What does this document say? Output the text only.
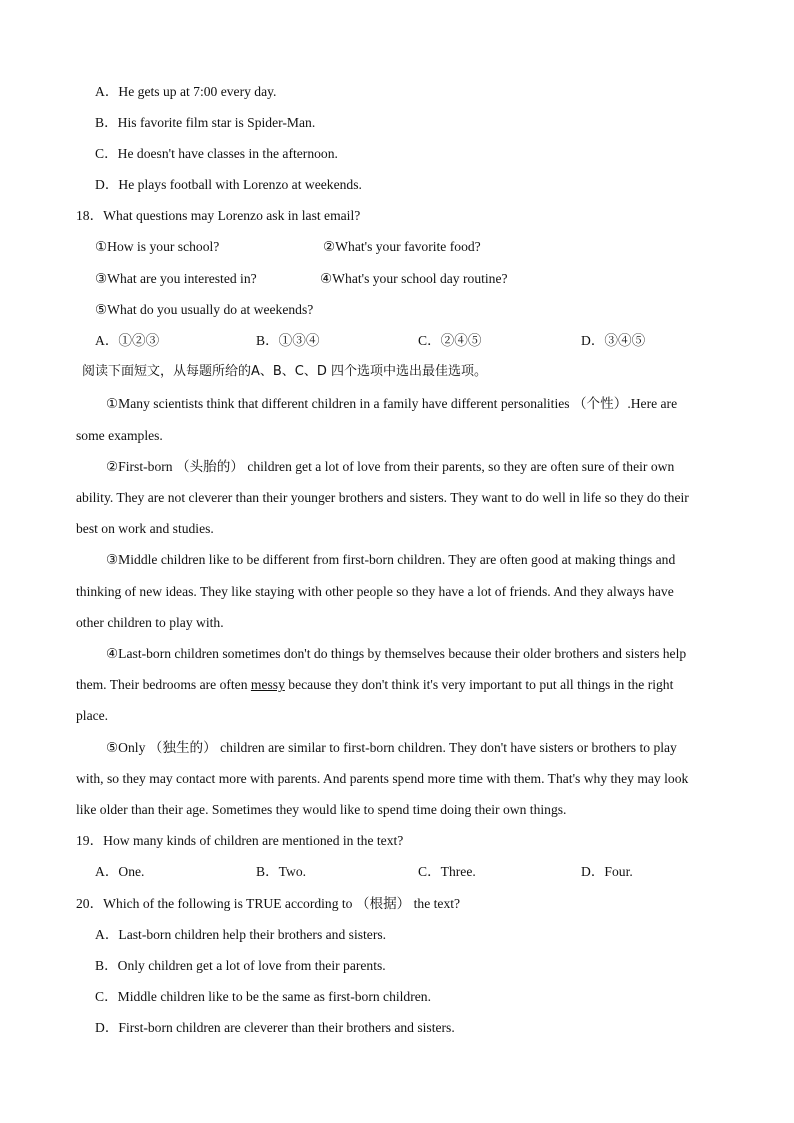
A．He gets up at 7:00 every day.
B．His favorite film star is Spider-Man.
C．He doesn't have classes in the afternoon.
D．He plays football with Lorenzo at weekends.
18．What questions may Lorenzo ask in last email?
①How is your school?	②What's your favorite food?
③What are you interested in?	④What's your school day routine?
⑤What do you usually do at weekends?
A．①②③	B．①③④	C．②④⑤	D．③④⑤
阅读下面短文，从每题所给的A、B、C、D 四个选项中选出最佳选项。
①Many scientists think that different children in a family have different personalities （个性）.Here are
some examples.
②First-born （头胎的） children get a lot of love from their parents, so they are often sure of their own
ability. They are not cleverer than their younger brothers and sisters. They want to do well in life so they do their
best on work and studies.
③Middle children like to be different from first-born children. They are often good at making things and
thinking of new ideas. They like staying with other people so they have a lot of friends. And they always have
other children to play with.
④Last-born children sometimes don't do things by themselves because their older brothers and sisters help
them. Their bedrooms are often messy because they don't think it's very important to put all things in the right
place.
⑤Only （独生的） children are similar to first-born children. They don't have sisters or brothers to play
with, so they may contact more with parents. And parents spend more time with them. That's why they may look
like older than their age. Sometimes they would like to spend time doing their own things.
19．How many kinds of children are mentioned in the text?
A．One.	B．Two.	C．Three.	D．Four.
20．Which of the following is TRUE according to （根据） the text?
A．Last-born children help their brothers and sisters.
B．Only children get a lot of love from their parents.
C．Middle children like to be the same as first-born children.
D．First-born children are cleverer than their brothers and sisters.
